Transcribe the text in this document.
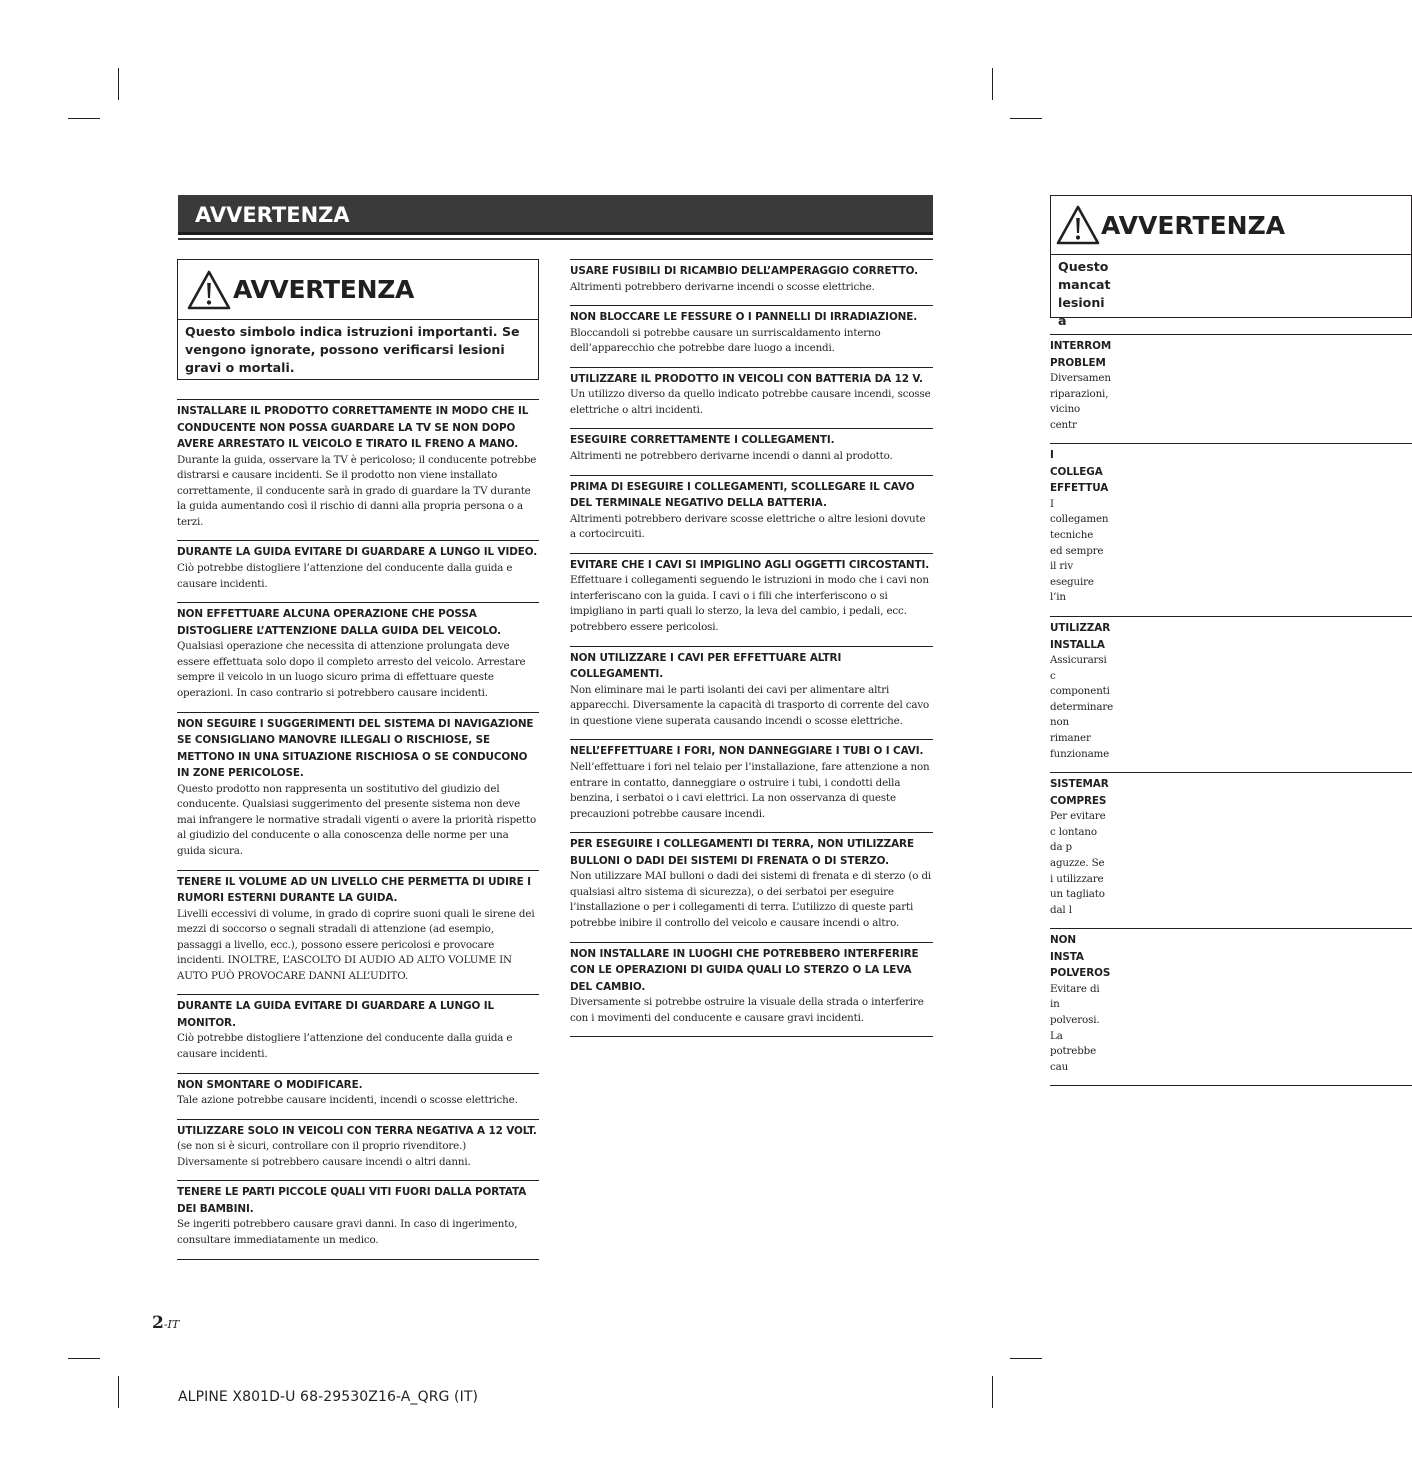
AVVERTENZA
AVVERTENZA
Questo simbolo indica istruzioni importanti. Se vengono ignorate, possono verificarsi lesioni gravi o mortali.
INSTALLARE IL PRODOTTO CORRETTAMENTE IN MODO CHE IL CONDUCENTE NON POSSA GUARDARE LA TV SE NON DOPO AVERE ARRESTATO IL VEICOLO E TIRATO IL FRENO A MANO.
Durante la guida, osservare la TV è pericoloso; il conducente potrebbe distrarsi e causare incidenti. Se il prodotto non viene installato correttamente, il conducente sarà in grado di guardare la TV durante la guida aumentando così il rischio di danni alla propria persona o a terzi.
DURANTE LA GUIDA EVITARE DI GUARDARE A LUNGO IL VIDEO.
Ciò potrebbe distogliere l’attenzione del conducente dalla guida e causare incidenti.
NON EFFETTUARE ALCUNA OPERAZIONE CHE POSSA DISTOGLIERE L’ATTENZIONE DALLA GUIDA DEL VEICOLO.
Qualsiasi operazione che necessita di attenzione prolungata deve essere effettuata solo dopo il completo arresto del veicolo. Arrestare sempre il veicolo in un luogo sicuro prima di effettuare queste operazioni. In caso contrario si potrebbero causare incidenti.
NON SEGUIRE I SUGGERIMENTI DEL SISTEMA DI NAVIGAZIONE SE CONSIGLIANO MANOVRE ILLEGALI O RISCHIOSE, SE METTONO IN UNA SITUAZIONE RISCHIOSA O SE CONDUCONO IN ZONE PERICOLOSE.
Questo prodotto non rappresenta un sostitutivo del giudizio del conducente. Qualsiasi suggerimento del presente sistema non deve mai infrangere le normative stradali vigenti o avere la priorità rispetto al giudizio del conducente o alla conoscenza delle norme per una guida sicura.
TENERE IL VOLUME AD UN LIVELLO CHE PERMETTA DI UDIRE I RUMORI ESTERNI DURANTE LA GUIDA.
Livelli eccessivi di volume, in grado di coprire suoni quali le sirene dei mezzi di soccorso o segnali stradali di attenzione (ad esempio, passaggi a livello, ecc.), possono essere pericolosi e provocare incidenti. INOLTRE, L’ASCOLTO DI AUDIO AD ALTO VOLUME IN AUTO PUÒ PROVOCARE DANNI ALL’UDITO.
DURANTE LA GUIDA EVITARE DI GUARDARE A LUNGO IL MONITOR.
Ciò potrebbe distogliere l’attenzione del conducente dalla guida e causare incidenti.
NON SMONTARE O MODIFICARE.
Tale azione potrebbe causare incidenti, incendi o scosse elettriche.
UTILIZZARE SOLO IN VEICOLI CON TERRA NEGATIVA A 12 VOLT.
(se non si è sicuri, controllare con il proprio rivenditore.) Diversamente si potrebbero causare incendi o altri danni.
TENERE LE PARTI PICCOLE QUALI VITI FUORI DALLA PORTATA DEI BAMBINI.
Se ingeriti potrebbero causare gravi danni. In caso di ingerimento, consultare immediatamente un medico.
USARE FUSIBILI DI RICAMBIO DELL’AMPERAGGIO CORRETTO.
Altrimenti potrebbero derivarne incendi o scosse elettriche.
NON BLOCCARE LE FESSURE O I PANNELLI DI IRRADIAZIONE.
Bloccandoli si potrebbe causare un surriscaldamento interno dell’apparecchio che potrebbe dare luogo a incendi.
UTILIZZARE IL PRODOTTO IN VEICOLI CON BATTERIA DA 12 V.
Un utilizzo diverso da quello indicato potrebbe causare incendi, scosse elettriche o altri incidenti.
ESEGUIRE CORRETTAMENTE I COLLEGAMENTI.
Altrimenti ne potrebbero derivarne incendi o danni al prodotto.
PRIMA DI ESEGUIRE I COLLEGAMENTI, SCOLLEGARE IL CAVO DEL TERMINALE NEGATIVO DELLA BATTERIA.
Altrimenti potrebbero derivare scosse elettriche o altre lesioni dovute a cortocircuiti.
EVITARE CHE I CAVI SI IMPIGLINO AGLI OGGETTI CIRCOSTANTI.
Effettuare i collegamenti seguendo le istruzioni in modo che i cavi non interferiscano con la guida. I cavi o i fili che interferiscono o si impigliano in parti quali lo sterzo, la leva del cambio, i pedali, ecc. potrebbero essere pericolosi.
NON UTILIZZARE I CAVI PER EFFETTUARE ALTRI COLLEGAMENTI.
Non eliminare mai le parti isolanti dei cavi per alimentare altri apparecchi. Diversamente la capacità di trasporto di corrente del cavo in questione viene superata causando incendi o scosse elettriche.
NELL’EFFETTUARE I FORI, NON DANNEGGIARE I TUBI O I CAVI.
Nell’effettuare i fori nel telaio per l’installazione, fare attenzione a non entrare in contatto, danneggiare o ostruire i tubi, i condotti della benzina, i serbatoi o i cavi elettrici. La non osservanza di queste precauzioni potrebbe causare incendi.
PER ESEGUIRE I COLLEGAMENTI DI TERRA, NON UTILIZZARE BULLONI O DADI DEI SISTEMI DI FRENATA O DI STERZO.
Non utilizzare MAI bulloni o dadi dei sistemi di frenata e di sterzo (o di qualsiasi altro sistema di sicurezza), o dei serbatoi per eseguire l’installazione o per i collegamenti di terra. L’utilizzo di queste parti potrebbe inibire il controllo del veicolo e causare incendi o altro.
NON INSTALLARE IN LUOGHI CHE POTREBBERO INTERFERIRE CON LE OPERAZIONI DI GUIDA QUALI LO STERZO O LA LEVA DEL CAMBIO.
Diversamente si potrebbe ostruire la visuale della strada o interferire con i movimenti del conducente e causare gravi incidenti.
AVVERTENZA
Questo mancat lesioni a
INTERROM PROBLEM
Diversamen riparazioni, vicino centr
I COLLEGA EFFETTUA
I collegamen tecniche ed sempre il riv eseguire l’in
UTILIZZAR INSTALLA
Assicurarsi c componenti determinare non rimaner funzioname
SISTEMAR COMPRES
Per evitare c lontano da p aguzze. Se i utilizzare un tagliato dal l
NON INSTA POLVEROS
Evitare di in polverosi. La potrebbe cau
2-IT
ALPINE X801D-U 68-29530Z16-A_QRG (IT)
